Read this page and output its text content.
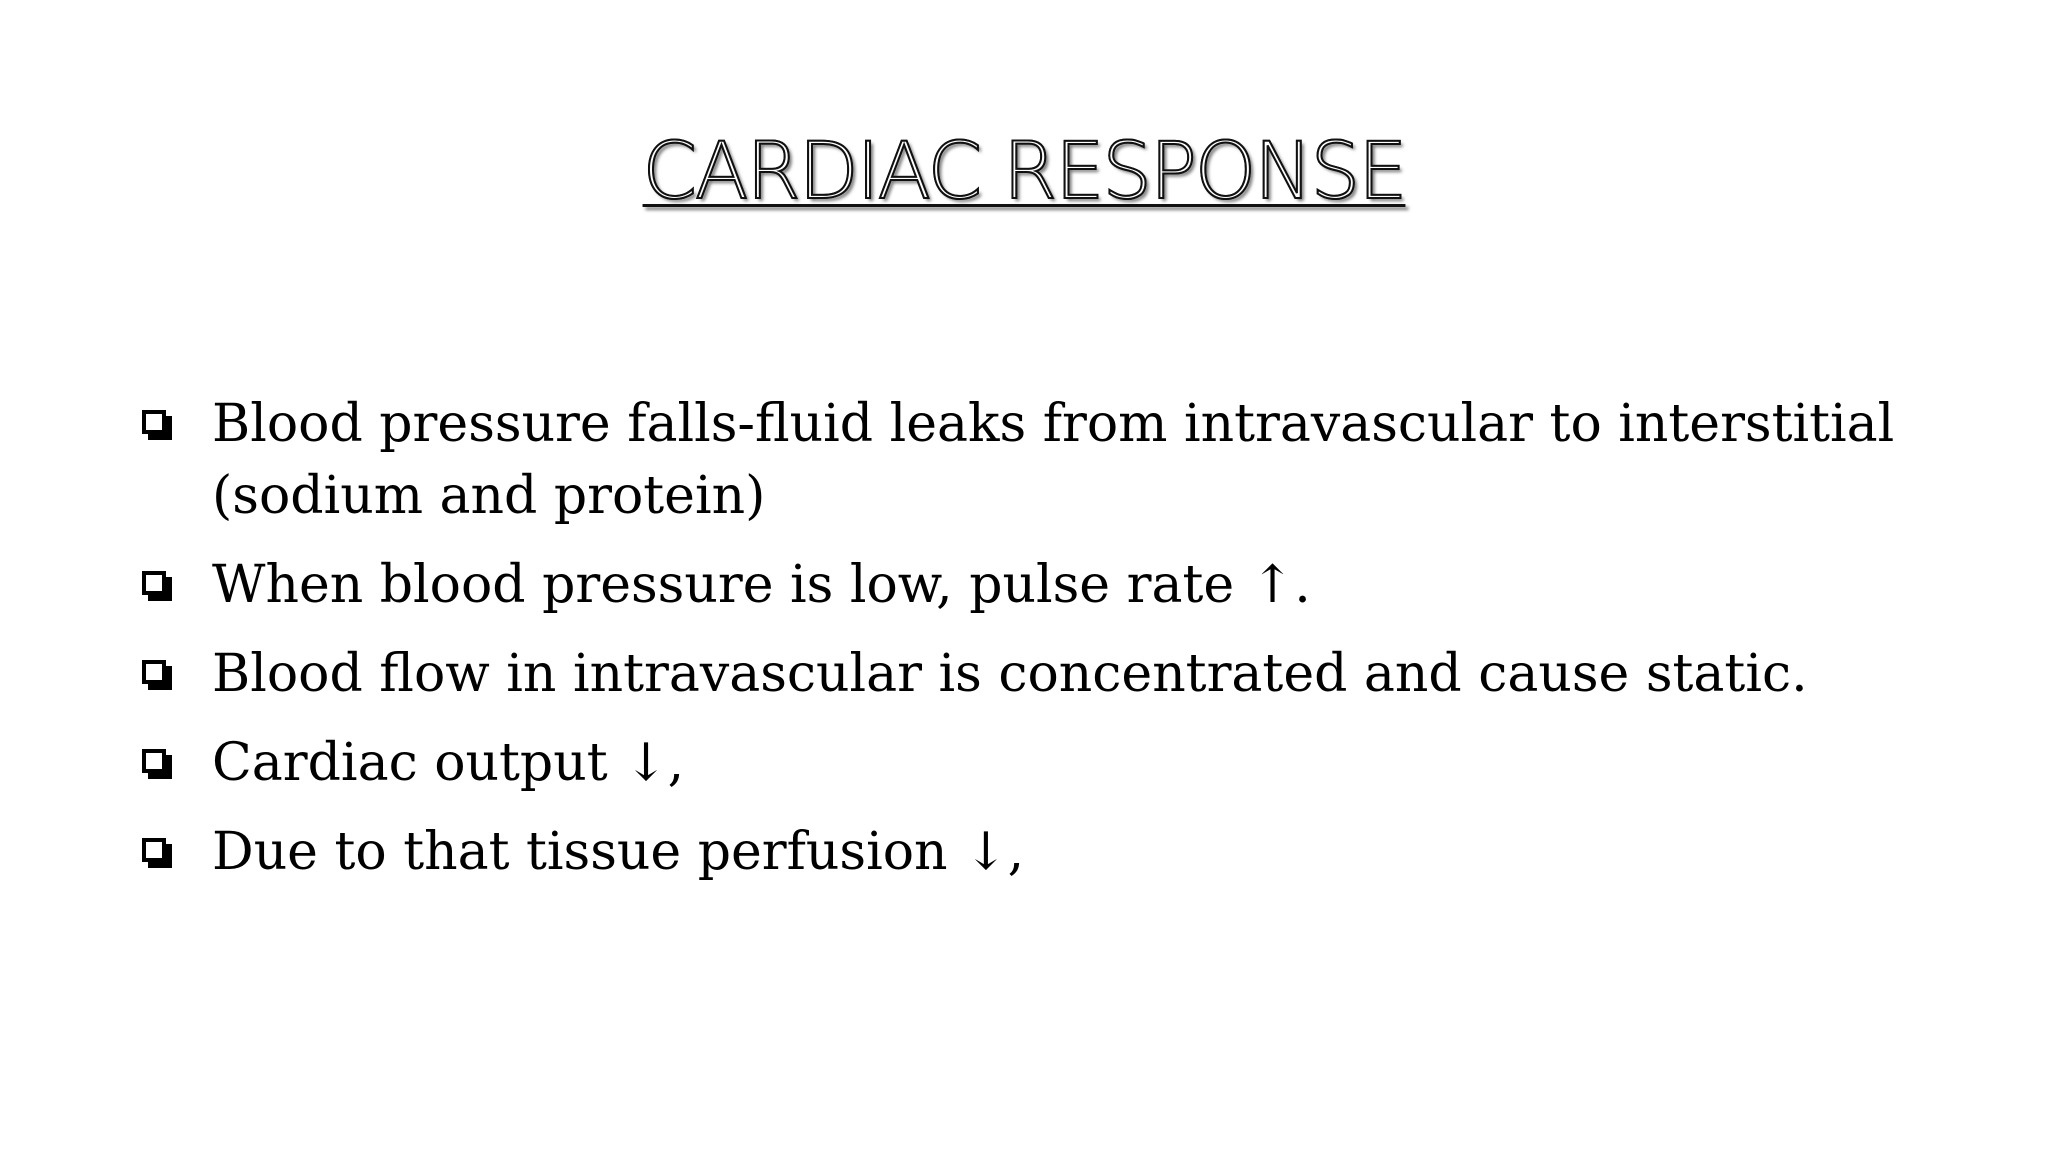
CARDIAC RESPONSE
Blood pressure falls-fluid leaks from intravascular to interstitial (sodium and protein)
When blood pressure is low, pulse rate ↑.
Blood flow in intravascular is concentrated and cause static.
Cardiac output ↓,
Due to that tissue perfusion ↓,
